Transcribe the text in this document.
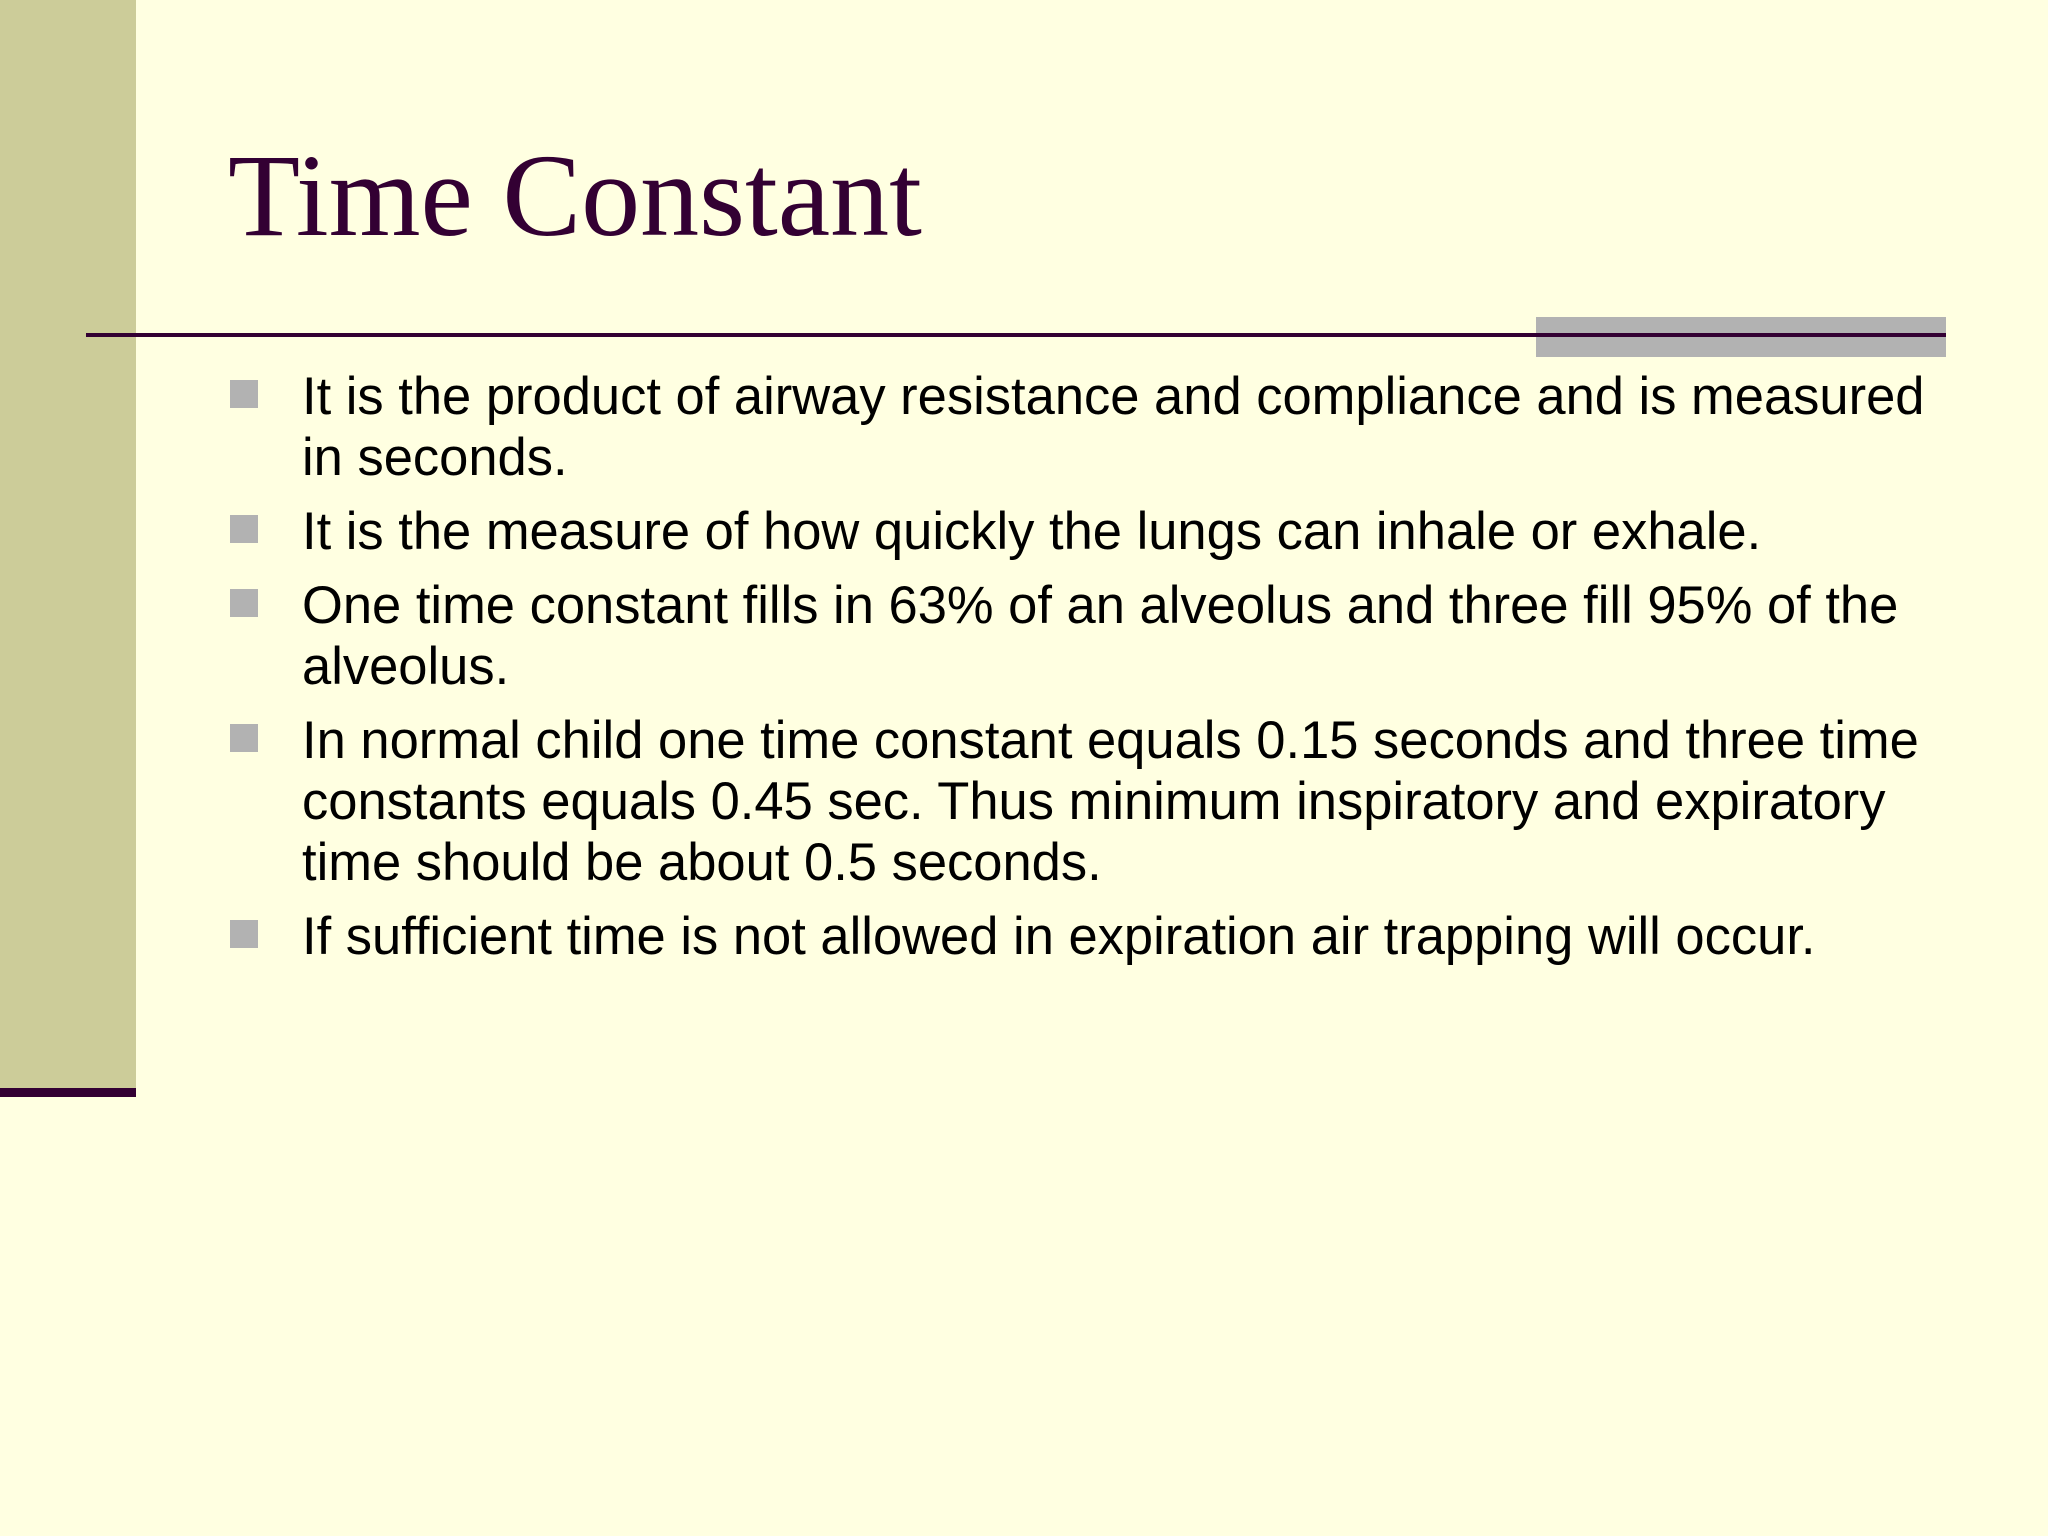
Time Constant
It is the product of airway resistance and compliance and is measured in seconds.
It is the measure of how quickly the lungs can inhale or exhale.
One time constant fills in 63% of an alveolus and three fill 95% of the alveolus.
In normal child one time constant equals 0.15 seconds and three time constants equals 0.45 sec. Thus minimum inspiratory and expiratory time should be about 0.5 seconds.
If sufficient time is not allowed in expiration air trapping will occur.
